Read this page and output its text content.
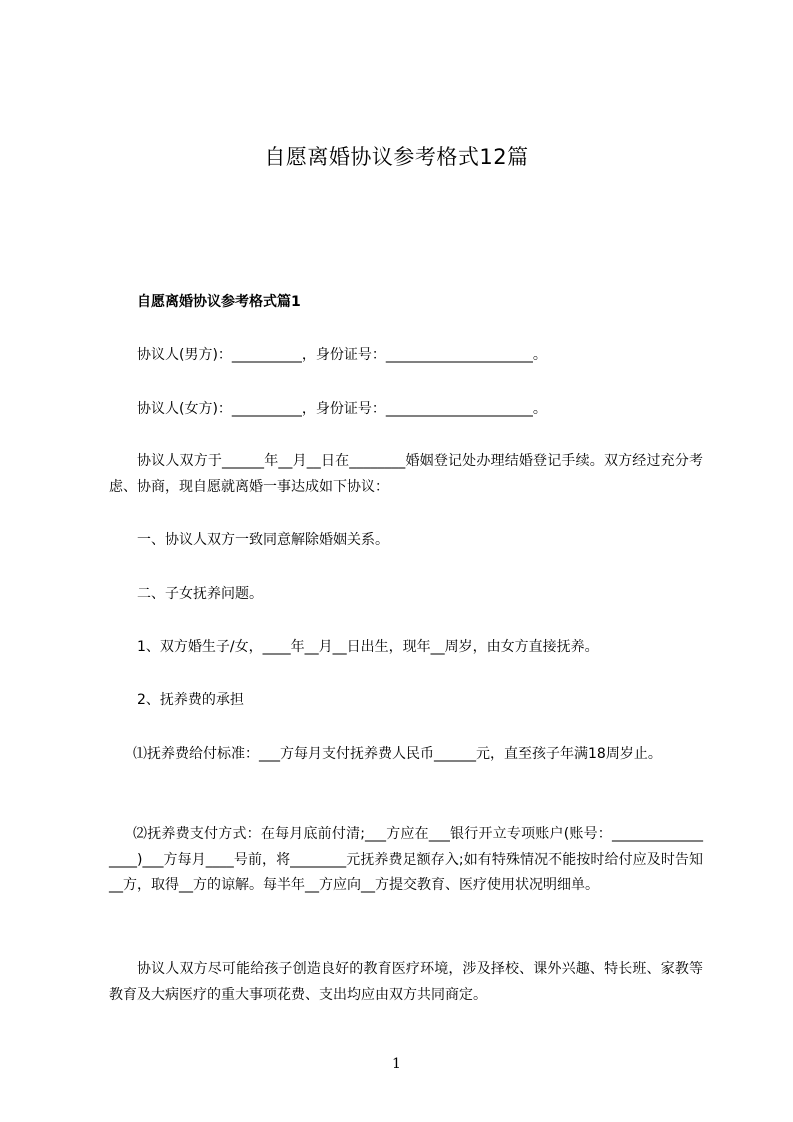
自愿离婚协议参考格式12篇
自愿离婚协议参考格式篇1
协议人(男方)：__________，身份证号：_____________________。
协议人(女方)：__________，身份证号：_____________________。
协议人双方于______年__月__日在________婚姻登记处办理结婚登记手续。双方经过充分考虑、协商，现自愿就离婚一事达成如下协议：
一、协议人双方一致同意解除婚姻关系。
二、子女抚养问题。
1、双方婚生子/女，____年__月__日出生，现年__周岁，由女方直接抚养。
2、抚养费的承担
⑴抚养费给付标准：___方每月支付抚养费人民币______元，直至孩子年满18周岁止。
⑵抚养费支付方式：在每月底前付清;___方应在___银行开立专项账户(账号：_________________)___方每月____号前，将________元抚养费足额存入;如有特殊情况不能按时给付应及时告知__方，取得__方的谅解。每半年__方应向__方提交教育、医疗使用状况明细单。
协议人双方尽可能给孩子创造良好的教育医疗环境，涉及择校、课外兴趣、特长班、家教等教育及大病医疗的重大事项花费、支出均应由双方共同商定。
1
